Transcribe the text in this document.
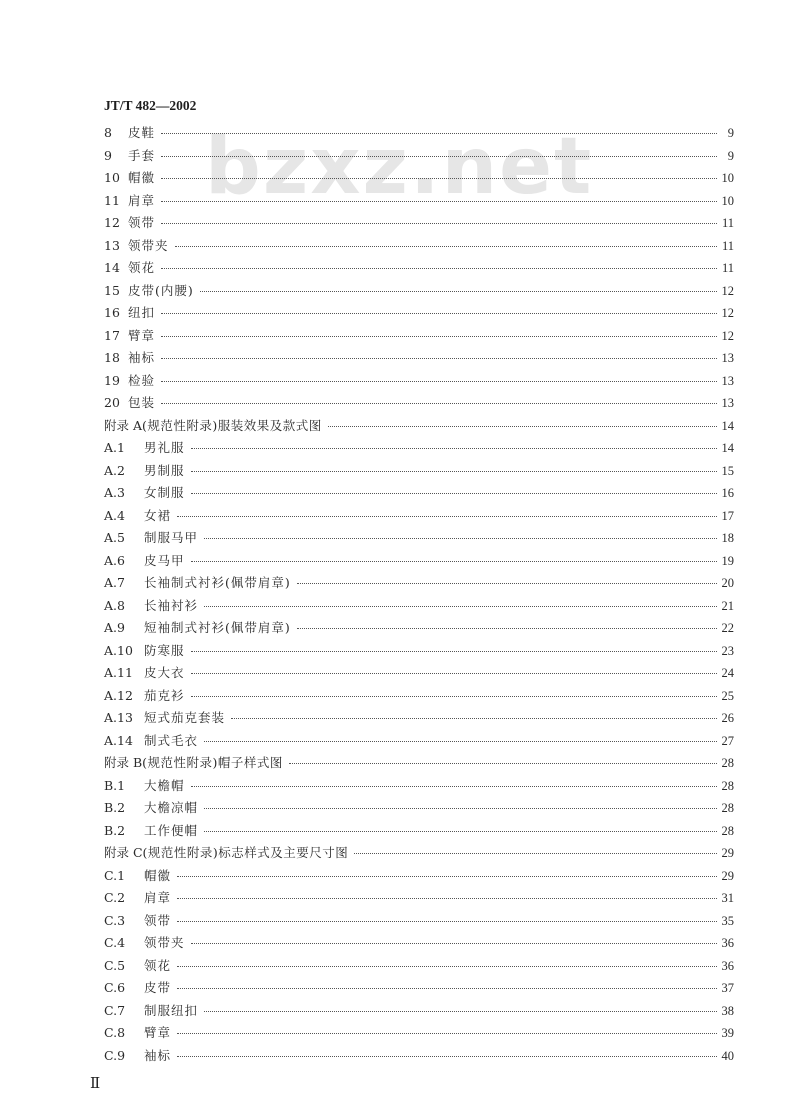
bzxz.net
JT/T 482—2002
8	皮鞋	9
9	手套	9
10 帽徽	10
11 肩章	10
12 领带	11
13 领带夹	11
14 领花	11
15 皮带(内腰)	12
16 纽扣	12
17 臂章	12
18 袖标	13
19 检验	13
20 包装	13
附录 A (规范性附录)服装效果及款式图	14
A.1	男礼服	14
A.2	男制服	15
A.3	女制服	16
A.4	女裙	17
A.5	制服马甲	18
A.6	皮马甲	19
A.7	长袖制式衬衫(佩带肩章)	20
A.8	长袖衬衫	21
A.9	短袖制式衬衫(佩带肩章)	22
A.10 防寒服	23
A.11 皮大衣	24
A.12 茄克衫	25
A.13 短式茄克套装	26
A.14 制式毛衣	27
附录 B (规范性附录)帽子样式图	28
B.1	大檐帽	28
B.2	大檐凉帽	28
B.2	工作便帽	28
附录 C (规范性附录)标志样式及主要尺寸图	29
C.1	帽徽	29
C.2	肩章	31
C.3	领带	35
C.4	领带夹	36
C.5	领花	36
C.6	皮带	37
C.7	制服纽扣	38
C.8	臂章	39
C.9	袖标	40
Ⅱ
